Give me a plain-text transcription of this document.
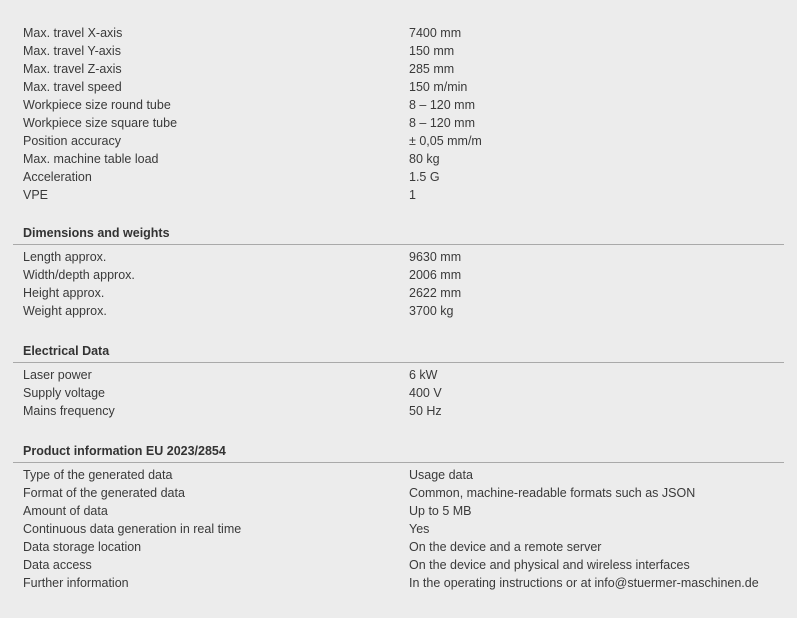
Max. travel X-axis	7400 mm
Max. travel Y-axis	150 mm
Max. travel Z-axis	285 mm
Max. travel speed	150 m/min
Workpiece size round tube	8 – 120 mm
Workpiece size square tube	8 – 120 mm
Position accuracy	± 0,05 mm/m
Max. machine table load	80 kg
Acceleration	1.5 G
VPE	1
Dimensions and weights
Length approx.	9630 mm
Width/depth approx.	2006 mm
Height approx.	2622 mm
Weight approx.	3700 kg
Electrical Data
Laser power	6 kW
Supply voltage	400 V
Mains frequency	50 Hz
Product information EU 2023/2854
Type of the generated data	Usage data
Format of the generated data	Common, machine-readable formats such as JSON
Amount of data	Up to 5 MB
Continuous data generation in real time	Yes
Data storage location	On the device and a remote server
Data access	On the device and physical and wireless interfaces
Further information	In the operating instructions or at info@stuermer-maschinen.de
